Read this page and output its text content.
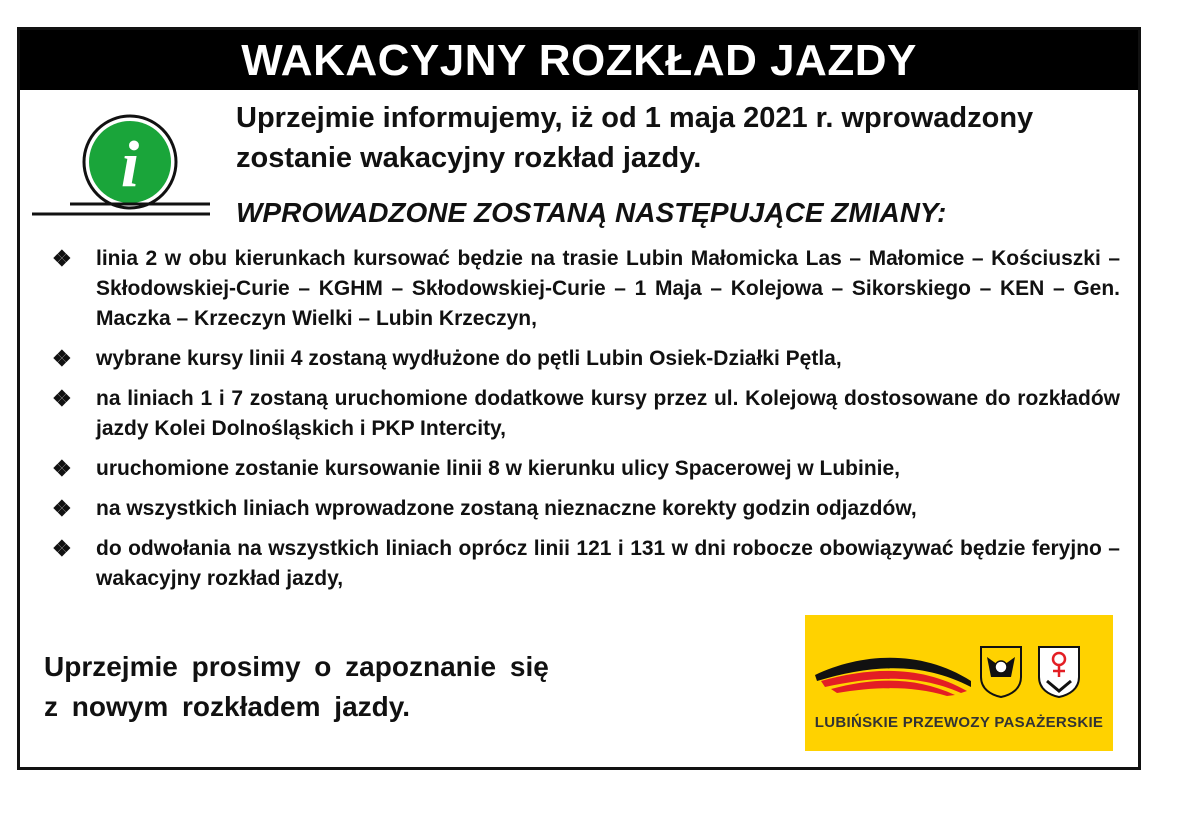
WAKACYJNY ROZKŁAD JAZDY
i
Uprzejmie informujemy, iż od 1 maja 2021 r. wprowadzony
zostanie wakacyjny rozkład jazdy.
WPROWADZONE ZOSTANĄ NASTĘPUJĄCE ZMIANY:
❖ linia 2 w obu kierunkach kursować będzie na trasie Lubin Małomicka Las – Małomice – Kościuszki – Skłodowskiej-Curie – KGHM – Skłodowskiej-Curie – 1 Maja – Kolejowa – Sikorskiego – KEN – Gen. Maczka – Krzeczyn Wielki – Lubin Krzeczyn,
❖ wybrane kursy linii 4 zostaną wydłużone do pętli Lubin Osiek-Działki Pętla,
❖ na liniach 1 i 7 zostaną uruchomione dodatkowe kursy przez ul. Kolejową dostosowane do rozkładów jazdy Kolei Dolnośląskich i PKP Intercity,
❖ uruchomione zostanie kursowanie linii 8 w kierunku ulicy Spacerowej w Lubinie,
❖ na wszystkich liniach wprowadzone zostaną nieznaczne korekty godzin odjazdów,
❖ do odwołania na wszystkich liniach oprócz linii 121 i 131 w dni robocze obowiązywać będzie feryjno – wakacyjny rozkład jazdy,
Uprzejmie prosimy o zapoznanie się
z nowym rozkładem jazdy.
LUBIŃSKIE PRZEWOZY PASAŻERSKIE
